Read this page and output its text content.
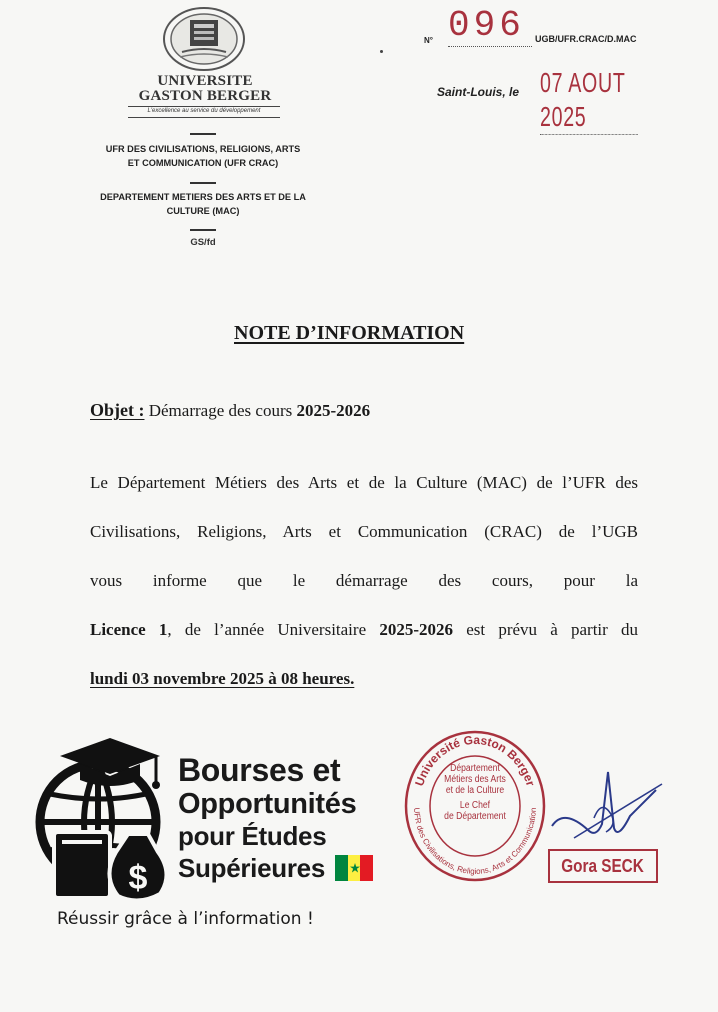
UNIVERSITE
GASTON BERGER
L'excellence au service du développement
UFR DES CIVILISATIONS, RELIGIONS, ARTS
ET COMMUNICATION (UFR CRAC)
DEPARTEMENT METIERS DES ARTS ET DE LA
CULTURE (MAC)
GS/fd
N° 096	UGB/UFR.CRAC/D.MAC
Saint-Louis, le 07 AOUT 2025
NOTE D’INFORMATION
Objet : Démarrage des cours 2025-2026
Le Département Métiers des Arts et de la Culture (MAC) de l’UFR des
Civilisations, Religions, Arts et Communication (CRAC) de l’UGB
vous informe que le démarrage des cours, pour la
Licence 1, de l’année Universitaire 2025-2026 est prévu à partir du
lundi 03 novembre 2025 à 08 heures.
$
Bourses et
Opportunités
pour Études
Supérieures
Réussir grâce à l’information !
Université Gaston Berger
UFR des Civilisations, Religions, Arts et Communication
Département
Métiers des Arts
et de la Culture
Le Chef
de Département
Gora SECK
